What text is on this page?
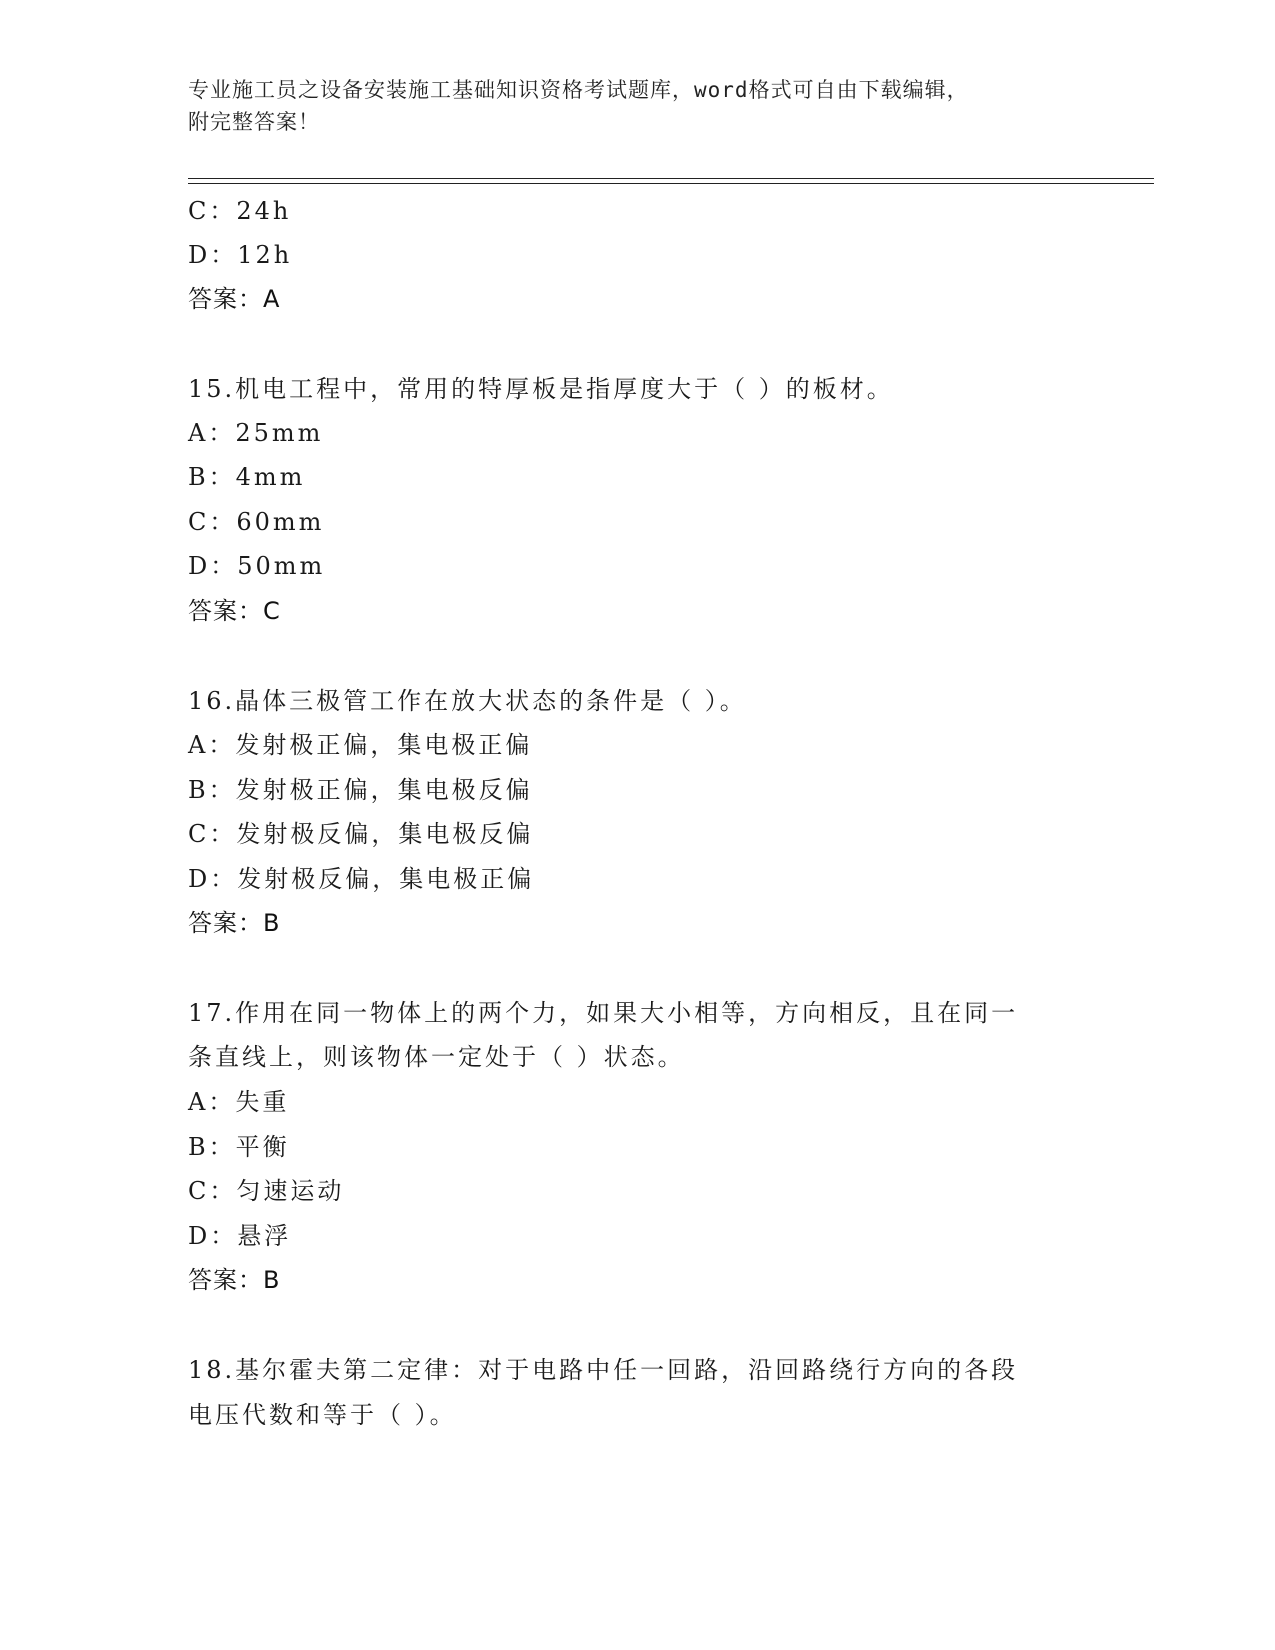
专业施工员之设备安装施工基础知识资格考试题库，word格式可自由下载编辑，
附完整答案！
C：24h
D：12h
答案：A
15.机电工程中，常用的特厚板是指厚度大于（ ）的板材。
A：25mm
B：4mm
C：60mm
D：50mm
答案：C
16.晶体三极管工作在放大状态的条件是（ ）。
A：发射极正偏，集电极正偏
B：发射极正偏，集电极反偏
C：发射极反偏，集电极反偏
D：发射极反偏，集电极正偏
答案：B
17.作用在同一物体上的两个力，如果大小相等，方向相反，且在同一
条直线上，则该物体一定处于（ ）状态。
A：失重
B：平衡
C：匀速运动
D：悬浮
答案：B
18.基尔霍夫第二定律：对于电路中任一回路，沿回路绕行方向的各段
电压代数和等于（ ）。
